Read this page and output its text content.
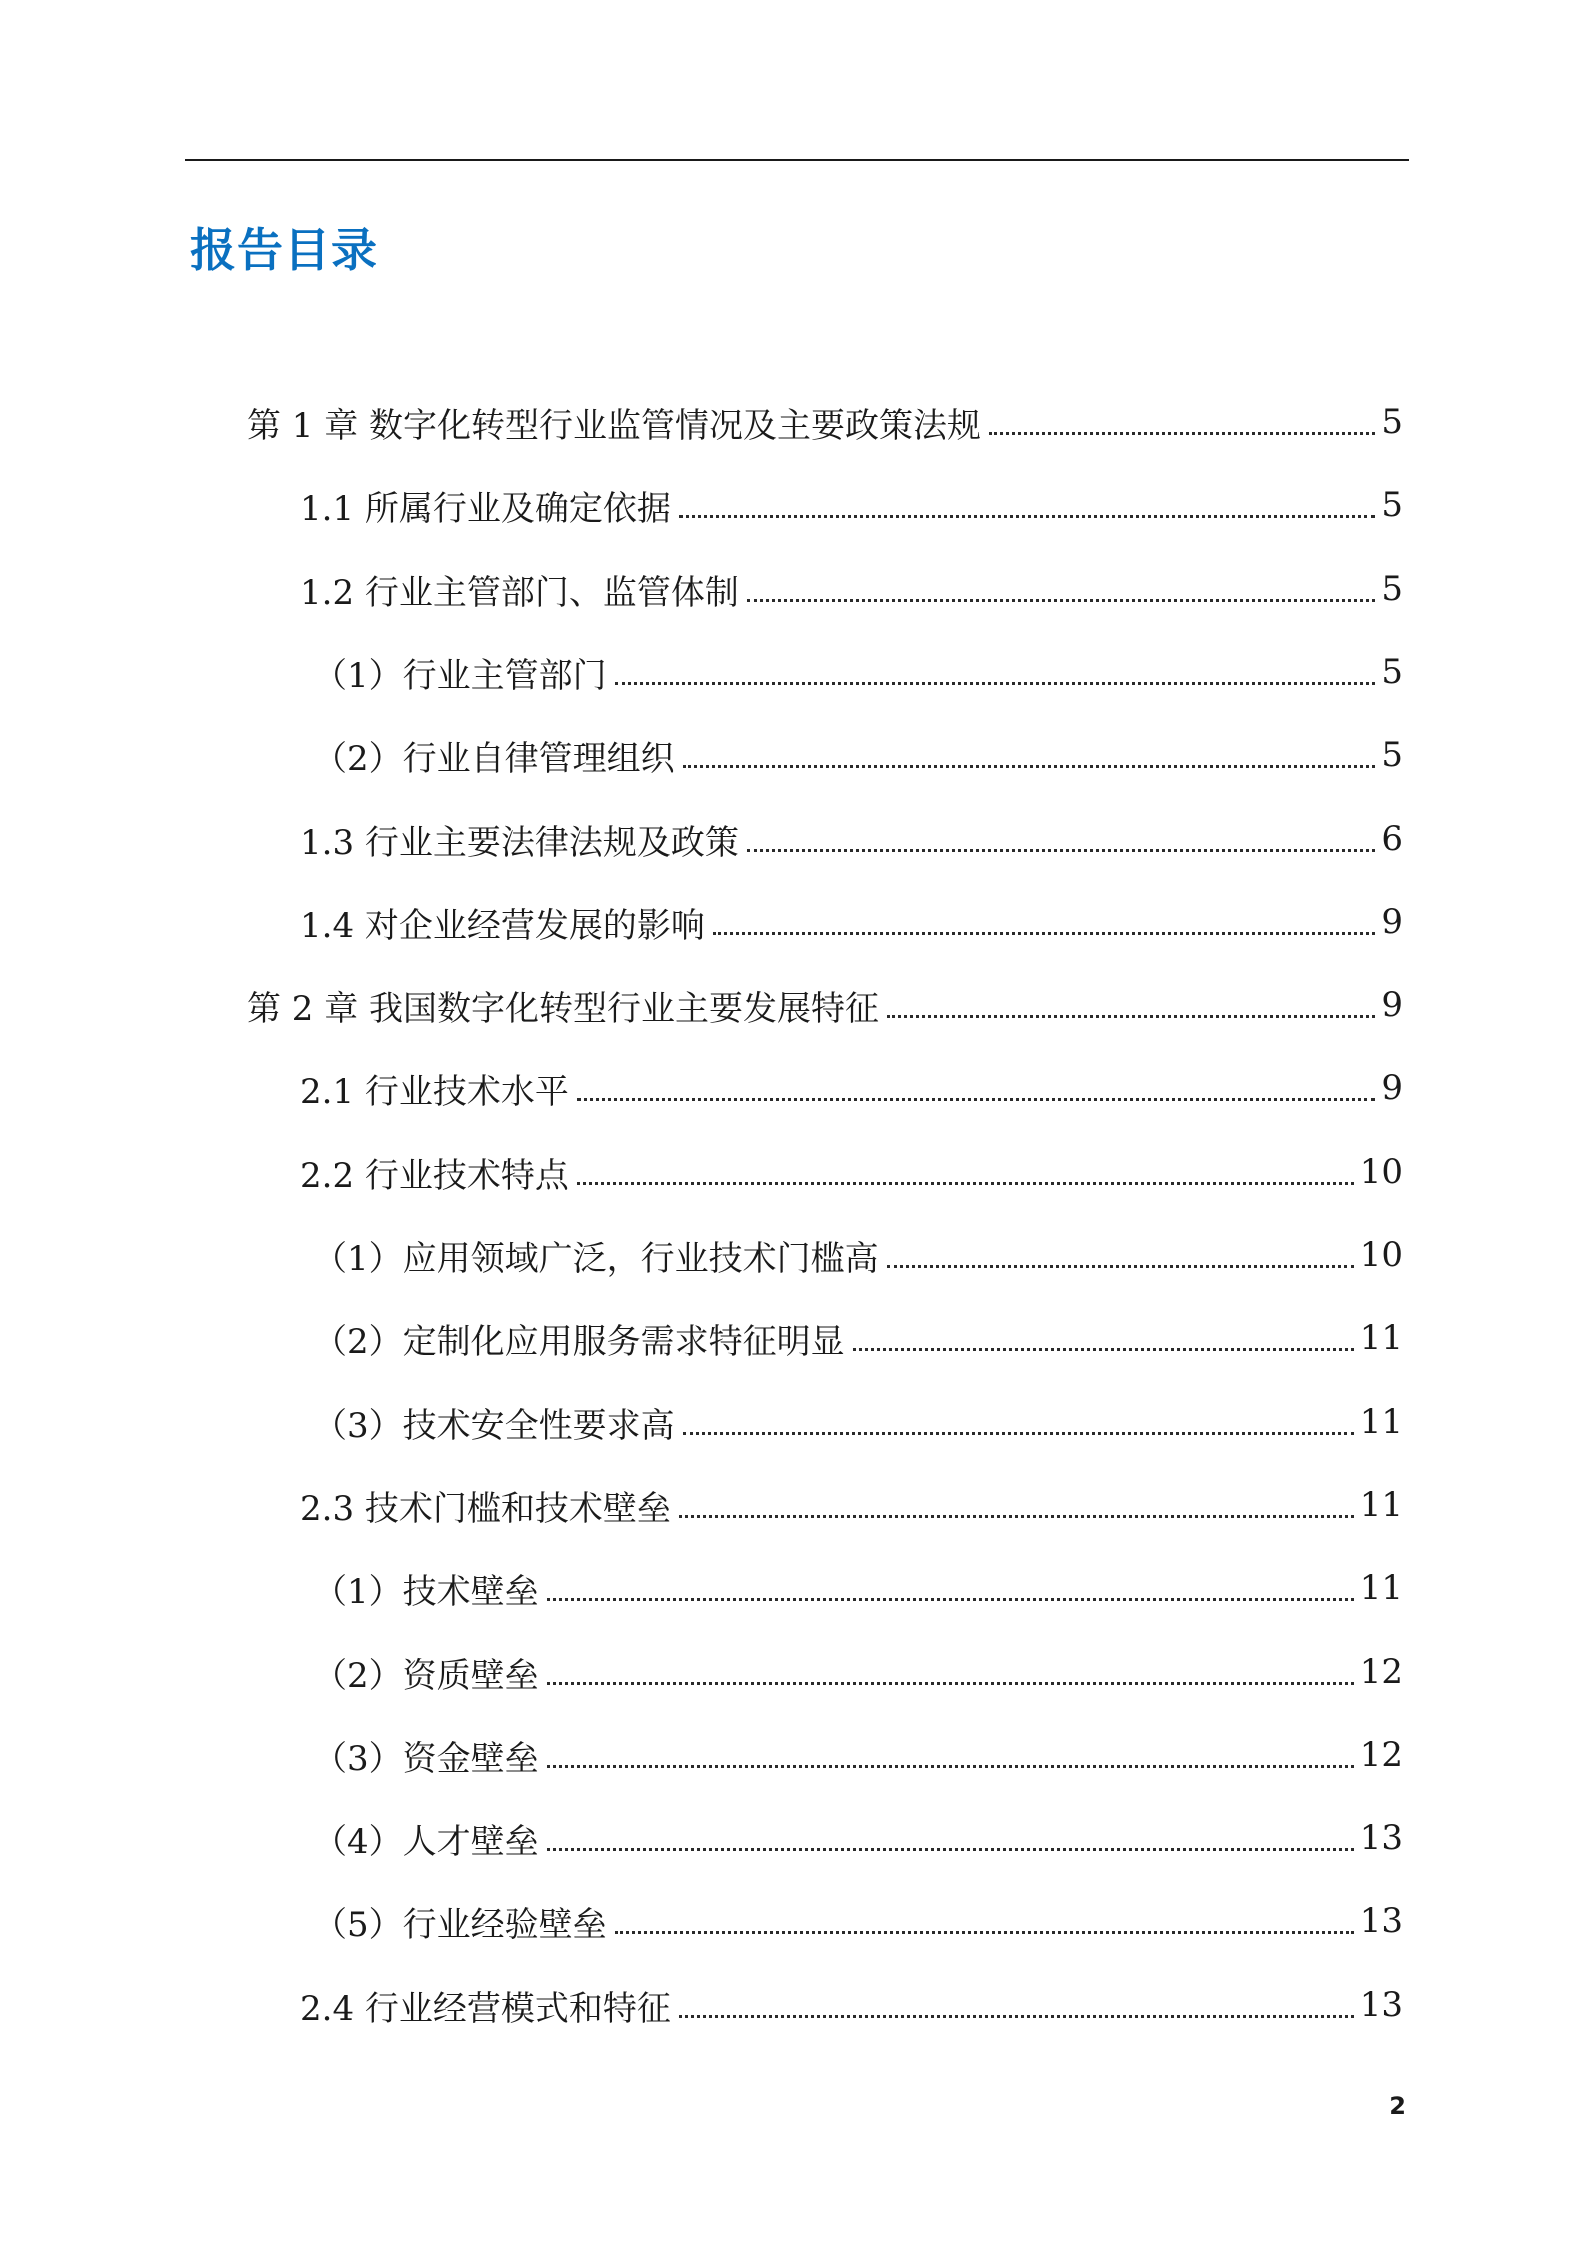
报告目录
第 1 章 数字化转型行业监管情况及主要政策法规	5
1.1 所属行业及确定依据	5
1.2 行业主管部门、监管体制	5
（1）行业主管部门	5
（2）行业自律管理组织	5
1.3 行业主要法律法规及政策	6
1.4 对企业经营发展的影响	9
第 2 章 我国数字化转型行业主要发展特征	9
2.1 行业技术水平	9
2.2 行业技术特点	10
（1）应用领域广泛，行业技术门槛高	10
（2）定制化应用服务需求特征明显	11
（3）技术安全性要求高	11
2.3 技术门槛和技术壁垒	11
（1）技术壁垒	11
（2）资质壁垒	12
（3）资金壁垒	12
（4）人才壁垒	13
（5）行业经验壁垒	13
2.4 行业经营模式和特征	13
2
